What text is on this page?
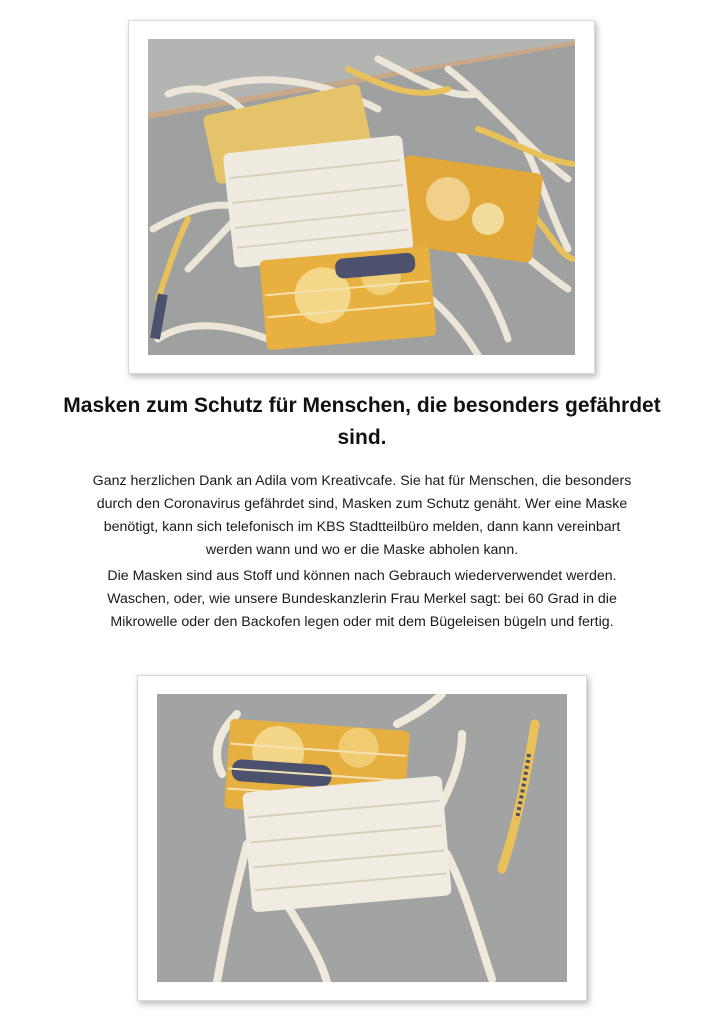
Masken zum Schutz für Menschen, die besonders gefährdet sind.

Ganz herzlichen Dank an Adila vom Kreativcafe. Sie hat für Menschen, die besonders durch den Coronavirus gefährdet sind, Masken zum Schutz genäht. Wer eine Maske benötigt, kann sich telefonisch im KBS Stadtteilbüro melden, dann kann vereinbart werden wann und wo er die Maske abholen kann.

Die Masken sind aus Stoff und können nach Gebrauch wiederverwendet werden. Waschen, oder, wie unsere Bundeskanzlerin Frau Merkel sagt: bei 60 Grad in die Mikrowelle oder den Backofen legen oder mit dem Bügeleisen bügeln und fertig.
